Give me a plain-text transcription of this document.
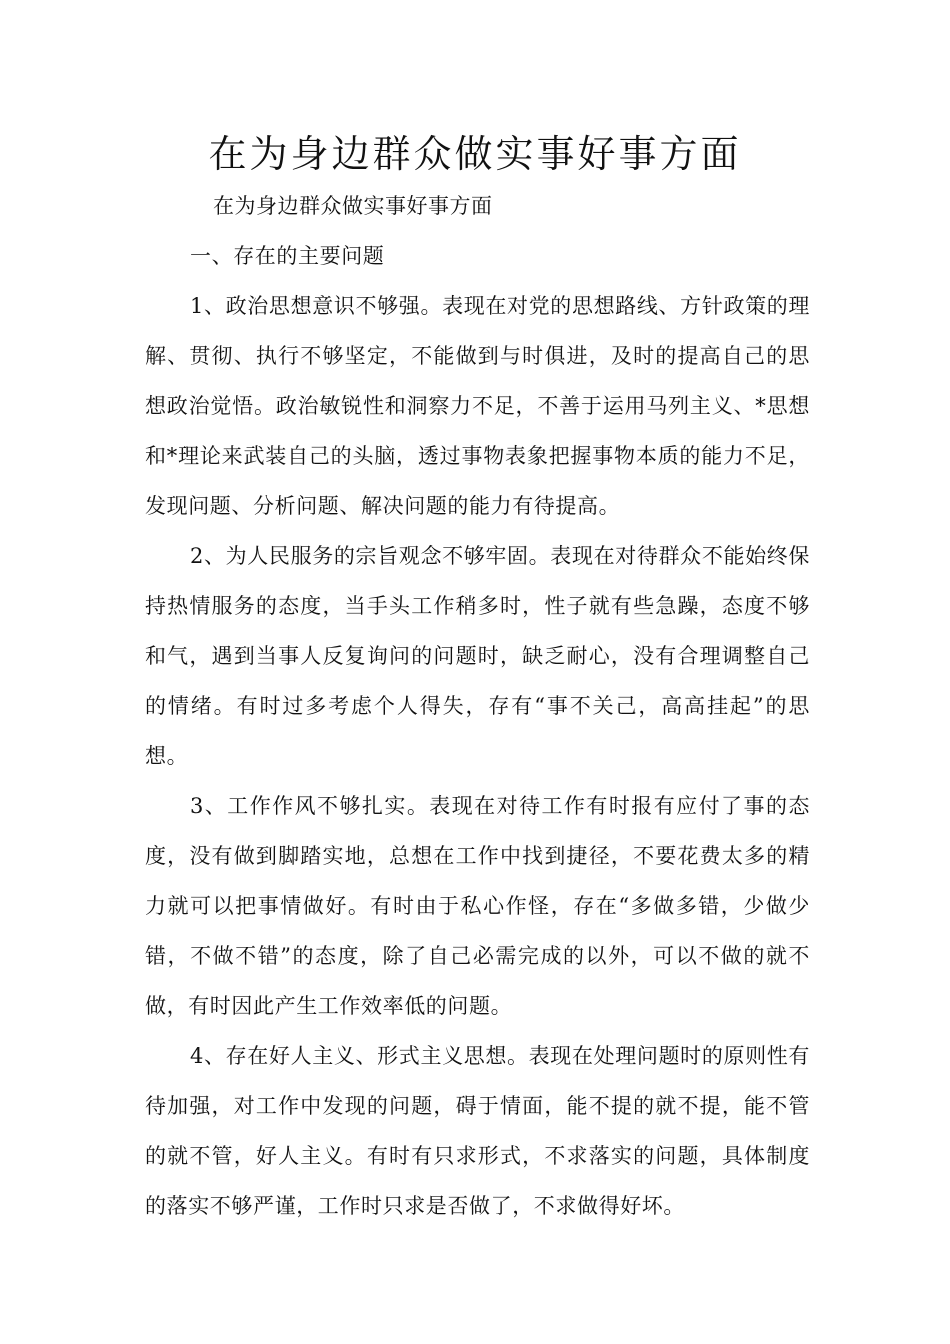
在为身边群众做实事好事方面

在为身边群众做实事好事方面

一、存在的主要问题

1、政治思想意识不够强。表现在对党的思想路线、方针政策的理解、贯彻、执行不够坚定，不能做到与时俱进，及时的提高自己的思想政治觉悟。政治敏锐性和洞察力不足，不善于运用马列主义、*思想和*理论来武装自己的头脑，透过事物表象把握事物本质的能力不足，发现问题、分析问题、解决问题的能力有待提高。

2、为人民服务的宗旨观念不够牢固。表现在对待群众不能始终保持热情服务的态度，当手头工作稍多时，性子就有些急躁，态度不够和气，遇到当事人反复询问的问题时，缺乏耐心，没有合理调整自己的情绪。有时过多考虑个人得失，存有“事不关己，高高挂起”的思想。

3、工作作风不够扎实。表现在对待工作有时报有应付了事的态度，没有做到脚踏实地，总想在工作中找到捷径，不要花费太多的精力就可以把事情做好。有时由于私心作怪，存在“多做多错，少做少错，不做不错”的态度，除了自己必需完成的以外，可以不做的就不做，有时因此产生工作效率低的问题。

4、存在好人主义、形式主义思想。表现在处理问题时的原则性有待加强，对工作中发现的问题，碍于情面，能不提的就不提，能不管的就不管，好人主义。有时有只求形式，不求落实的问题，具体制度的落实不够严谨，工作时只求是否做了，不求做得好坏。
